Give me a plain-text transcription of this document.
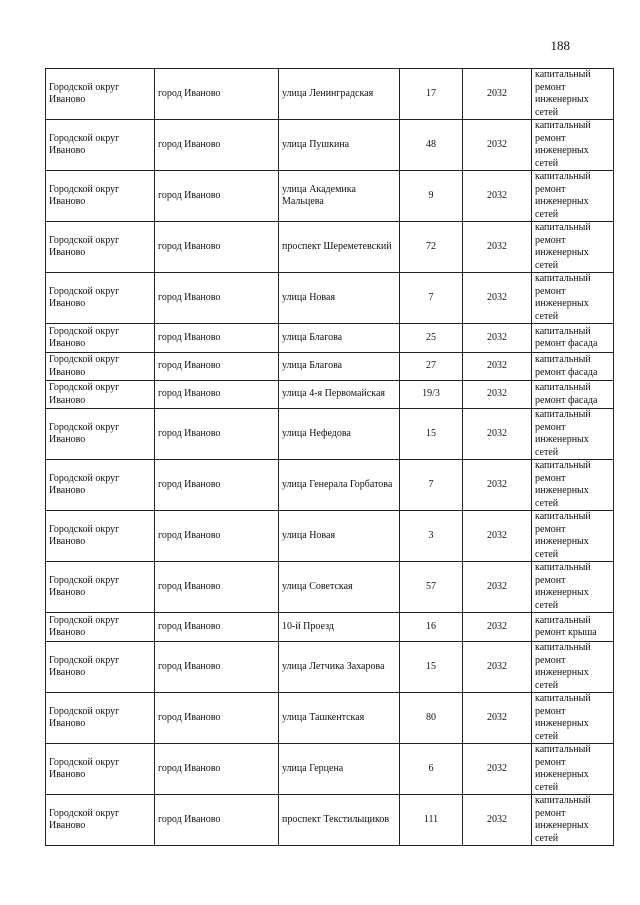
188
Городской округ Иваново	город Иваново	улица Ленинградская	17	2032	капитальный ремонт инженерных сетей
Городской округ Иваново	город Иваново	улица Пушкина	48	2032	капитальный ремонт инженерных сетей
Городской округ Иваново	город Иваново	улица Академика Мальцева	9	2032	капитальный ремонт инженерных сетей
Городской округ Иваново	город Иваново	проспект Шереметевский	72	2032	капитальный ремонт инженерных сетей
Городской округ Иваново	город Иваново	улица Новая	7	2032	капитальный ремонт инженерных сетей
Городской округ Иваново	город Иваново	улица Благова	25	2032	капитальный ремонт фасада
Городской округ Иваново	город Иваново	улица Благова	27	2032	капитальный ремонт фасада
Городской округ Иваново	город Иваново	улица 4-я Первомайская	19/3	2032	капитальный ремонт фасада
Городской округ Иваново	город Иваново	улица Нефедова	15	2032	капитальный ремонт инженерных сетей
Городской округ Иваново	город Иваново	улица Генерала Горбатова	7	2032	капитальный ремонт инженерных сетей
Городской округ Иваново	город Иваново	улица Новая	3	2032	капитальный ремонт инженерных сетей
Городской округ Иваново	город Иваново	улица Советская	57	2032	капитальный ремонт инженерных сетей
Городской округ Иваново	город Иваново	10-й Проезд	16	2032	капитальный ремонт крыша
Городской округ Иваново	город Иваново	улица Летчика Захарова	15	2032	капитальный ремонт инженерных сетей
Городской округ Иваново	город Иваново	улица Ташкентская	80	2032	капитальный ремонт инженерных сетей
Городской округ Иваново	город Иваново	улица Герцена	6	2032	капитальный ремонт инженерных сетей
Городской округ Иваново	город Иваново	проспект Текстильщиков	111	2032	капитальный ремонт инженерных сетей
